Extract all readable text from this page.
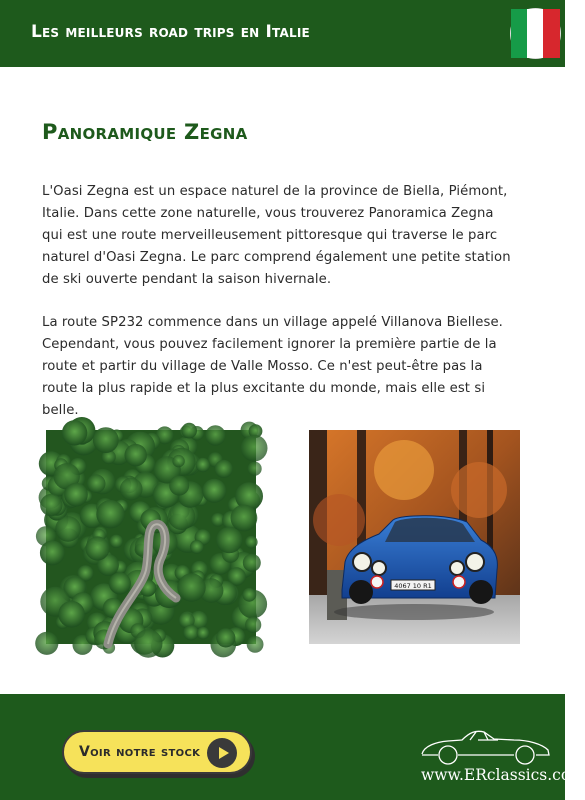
Les meilleurs road trips en Italie
Panoramique Zegna
L'Oasi Zegna est un espace naturel de la province de Biella, Piémont, Italie. Dans cette zone naturelle, vous trouverez Panoramica Zegna qui est une route merveilleusement pittoresque qui traverse le parc naturel d'Oasi Zegna. Le parc comprend également une petite station de ski ouverte pendant la saison hivernale.
La route SP232 commence dans un village appelé Villanova Biellese. Cependant, vous pouvez facilement ignorer la première partie de la route et partir du village de Valle Mosso. Ce n'est peut-être pas la route la plus rapide et la plus excitante du monde, mais elle est si belle.
4067 10 R1
Voir notre stock
www.ERclassics.com
